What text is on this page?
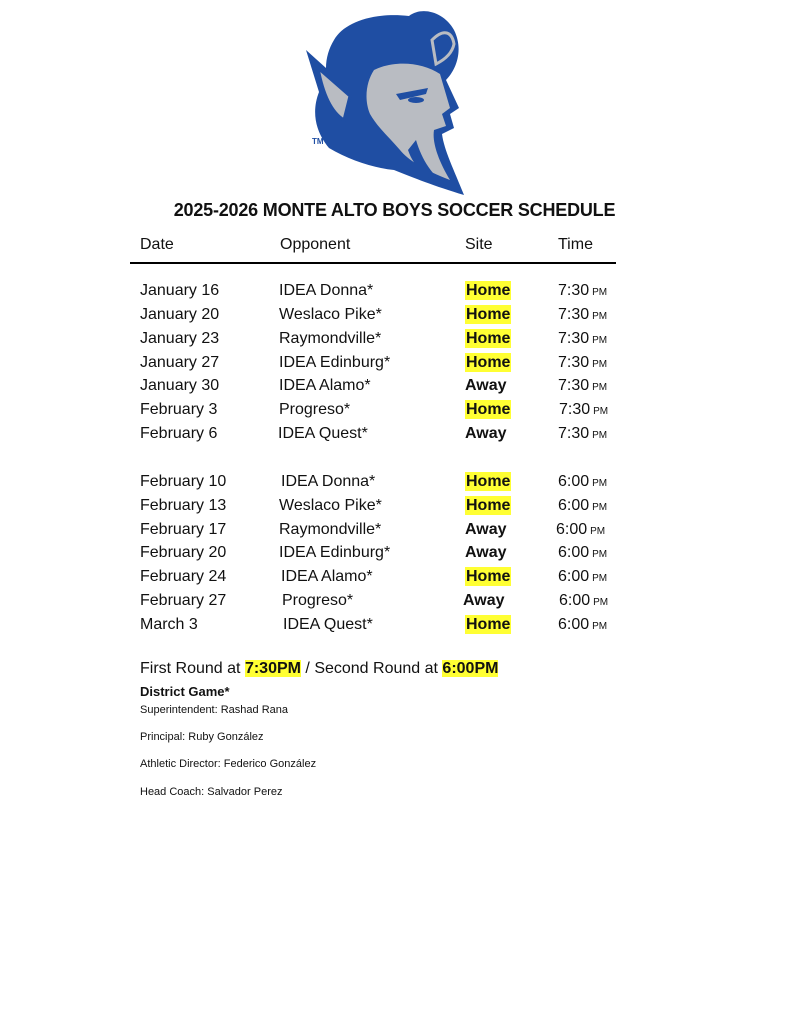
TM
2025-2026 MONTE ALTO BOYS SOCCER SCHEDULE
Date	Opponent	Site	Time
January 16	IDEA Donna*	Home	7:30 PM
January 20	Weslaco Pike*	Home	7:30 PM
January 23	Raymondville*	Home	7:30 PM
January 27	IDEA Edinburg*	Home	7:30 PM
January 30	IDEA Alamo*	Away	7:30 PM
February 3	Progreso*	Home	7:30 PM
February 6	IDEA Quest*	Away	7:30 PM
February 10	IDEA Donna*	Home	6:00 PM
February 13	Weslaco Pike*	Home	6:00 PM
February 17	Raymondville*	Away	6:00 PM
February 20	IDEA Edinburg*	Away	6:00 PM
February 24	IDEA Alamo*	Home	6:00 PM
February 27	Progreso*	Away	6:00 PM
March 3	IDEA Quest*	Home	6:00 PM
First Round at 7:30PM / Second Round at 6:00PM
District Game*
Superintendent: Rashad Rana
Principal: Ruby González
Athletic Director: Federico González
Head Coach: Salvador Perez
